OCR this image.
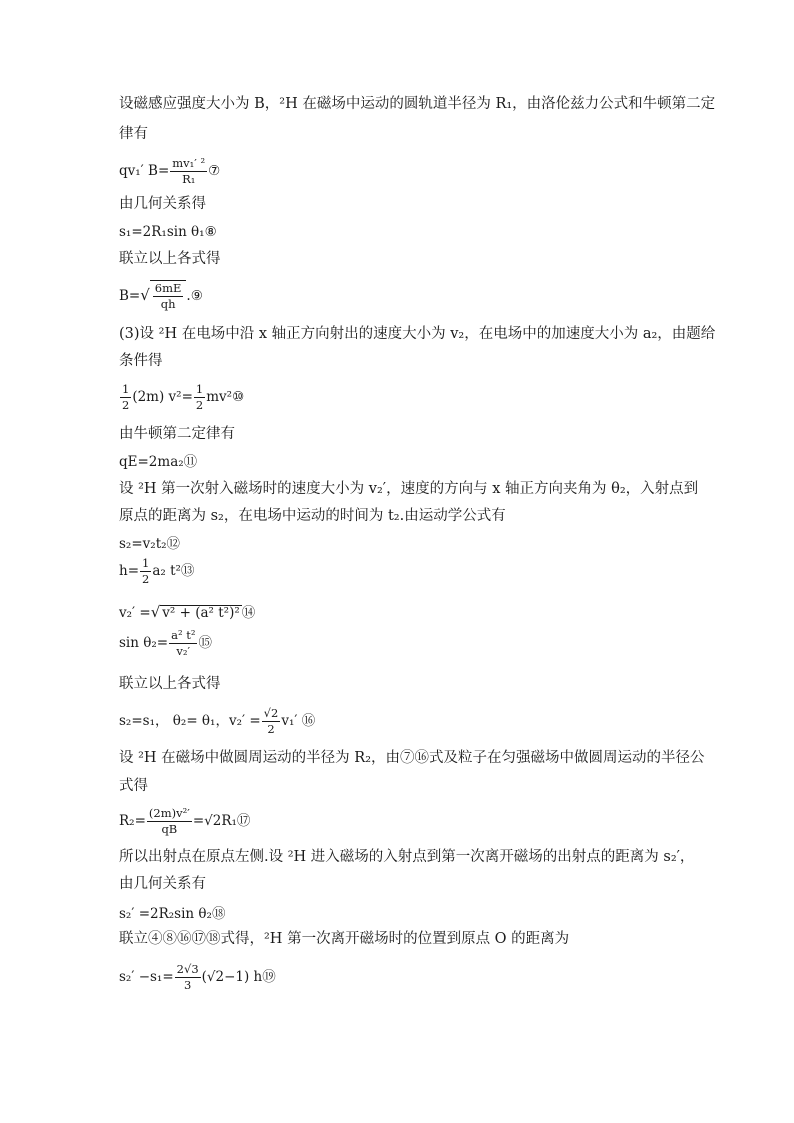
设磁感应强度大小为 B，²H 在磁场中运动的圆轨道半径为 R₁，由洛伦兹力公式和牛顿第二定
律有
qv₁′ $B= \frac{\text{mv₁′ ²}}{\text{R₁}}$ ⑦
由几何关系得
s₁=2R₁sin θ₁⑧
联立以上各式得
$B=√ \frac{6mE}{qh}$ .⑨
(3)设 ²H 在电场中沿 x 轴正方向射出的速度大小为 v₂，在电场中的加速度大小为 a₂，由题给
条件得
$\frac{1}{2} (2m)$ $v^2= \frac{1}{2}$ mv²⑩
由牛顿第二定律有
qE=2ma₂⑪
设 ²H 第一次射入磁场时的速度大小为 v₂′，速度的方向与 x 轴正方向夹角为 θ₂，入射点到
原点的距离为 s₂，在电场中运动的时间为 t₂.由运动学公式有
s₂=v₂t₂⑫
$h= \frac{1}{2} a_2$ t²⑬
v₂′ =√ v² + (a² t²)² ⑭
$\sin \theta_2= \frac{\text{a² t²}}{\text{v₂′}}$ ⑮
联立以上各式得
s₂=s₁， θ₂= θ₁，$v_2' = \frac{√2}{2} v_1'$ ⑯
设 ²H 在磁场中做圆周运动的半径为 R₂，由⑦⑯式及粒子在匀强磁场中做圆周运动的半径公
式得
$R_2= \frac{\text{(2m)v²′}}{qB}$ =√2R₁⑰
所以出射点在原点左侧.设 ²H 进入磁场的入射点到第一次离开磁场的出射点的距离为 s₂′，
由几何关系有
s₂′ =2R₂sin θ₂⑱
联立④⑧⑯⑰⑱式得，²H 第一次离开磁场时的位置到原点 O 的距离为
$s_2' -s_1= \frac{2√3}{3} (√2-1)$ h⑲
